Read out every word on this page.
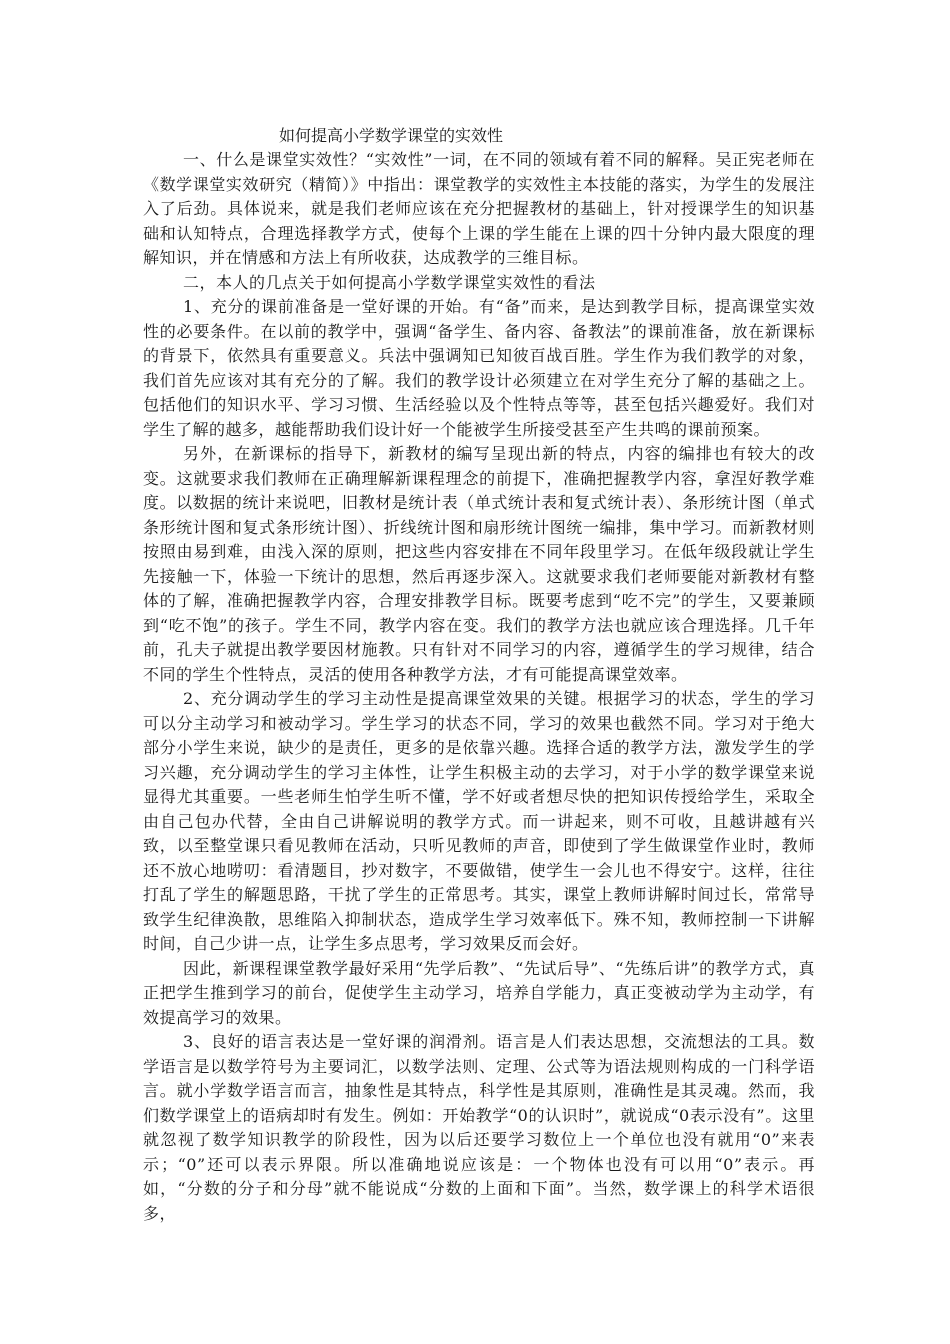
如何提高小学数学课堂的实效性

一、什么是课堂实效性？“实效性”一词，在不同的领域有着不同的解释。吴正宪老师在《数学课堂实效研究（精简）》中指出：课堂教学的实效性主本技能的落实，为学生的发展注入了后劲。具体说来，就是我们老师应该在充分把握教材的基础上，针对授课学生的知识基础和认知特点，合理选择教学方式，使每个上课的学生能在上课的四十分钟内最大限度的理解知识，并在情感和方法上有所收获，达成教学的三维目标。

二，本人的几点关于如何提高小学数学课堂实效性的看法

1、充分的课前准备是一堂好课的开始。有“备”而来，是达到教学目标，提高课堂实效性的必要条件。在以前的教学中，强调“备学生、备内容、备教法”的课前准备，放在新课标的背景下，依然具有重要意义。兵法中强调知已知彼百战百胜。学生作为我们教学的对象，我们首先应该对其有充分的了解。我们的教学设计必须建立在对学生充分了解的基础之上。包括他们的知识水平、学习习惯、生活经验以及个性特点等等，甚至包括兴趣爱好。我们对学生了解的越多，越能帮助我们设计好一个能被学生所接受甚至产生共鸣的课前预案。

另外，在新课标的指导下，新教材的编写呈现出新的特点，内容的编排也有较大的改变。这就要求我们教师在正确理解新课程理念的前提下，准确把握教学内容，拿涅好教学难度。以数据的统计来说吧，旧教材是统计表（单式统计表和复式统计表）、条形统计图（单式条形统计图和复式条形统计图）、折线统计图和扇形统计图统一编排，集中学习。而新教材则按照由易到难，由浅入深的原则，把这些内容安排在不同年段里学习。在低年级段就让学生先接触一下，体验一下统计的思想，然后再逐步深入。这就要求我们老师要能对新教材有整体的了解，准确把握教学内容，合理安排教学目标。既要考虑到“吃不完”的学生，又要兼顾到“吃不饱”的孩子。学生不同，教学内容在变。我们的教学方法也就应该合理选择。几千年前，孔夫子就提出教学要因材施教。只有针对不同学习的内容，遵循学生的学习规律，结合不同的学生个性特点，灵活的使用各种教学方法，才有可能提高课堂效率。

2、充分调动学生的学习主动性是提高课堂效果的关键。根据学习的状态，学生的学习可以分主动学习和被动学习。学生学习的状态不同，学习的效果也截然不同。学习对于绝大部分小学生来说，缺少的是责任，更多的是依靠兴趣。选择合适的教学方法，激发学生的学习兴趣，充分调动学生的学习主体性，让学生积极主动的去学习，对于小学的数学课堂来说显得尤其重要。一些老师生怕学生听不懂，学不好或者想尽快的把知识传授给学生，采取全由自己包办代替，全由自己讲解说明的教学方式。而一讲起来，则不可收，且越讲越有兴致，以至整堂课只看见教师在活动，只听见教师的声音，即使到了学生做课堂作业时，教师还不放心地唠叨：看清题目，抄对数字，不要做错，使学生一会儿也不得安宁。这样，往往打乱了学生的解题思路，干扰了学生的正常思考。其实，课堂上教师讲解时间过长，常常导致学生纪律涣散，思维陷入抑制状态，造成学生学习效率低下。殊不知，教师控制一下讲解时间，自己少讲一点，让学生多点思考，学习效果反而会好。

因此，新课程课堂教学最好采用“先学后教”、“先试后导”、“先练后讲”的教学方式，真正把学生推到学习的前台，促使学生主动学习，培养自学能力，真正变被动学为主动学，有效提高学习的效果。

3、良好的语言表达是一堂好课的润滑剂。语言是人们表达思想，交流想法的工具。数学语言是以数学符号为主要词汇，以数学法则、定理、公式等为语法规则构成的一门科学语言。就小学数学语言而言，抽象性是其特点，科学性是其原则，准确性是其灵魂。然而，我们数学课堂上的语病却时有发生。例如：开始教学“0的认识时”，就说成“0表示没有”。这里就忽视了数学知识教学的阶段性，因为以后还要学习数位上一个单位也没有就用“0”来表示；“0”还可以表示界限。所以准确地说应该是：一个物体也没有可以用“0”表示。再如，“分数的分子和分母”就不能说成“分数的上面和下面”。当然，数学课上的科学术语很多，
